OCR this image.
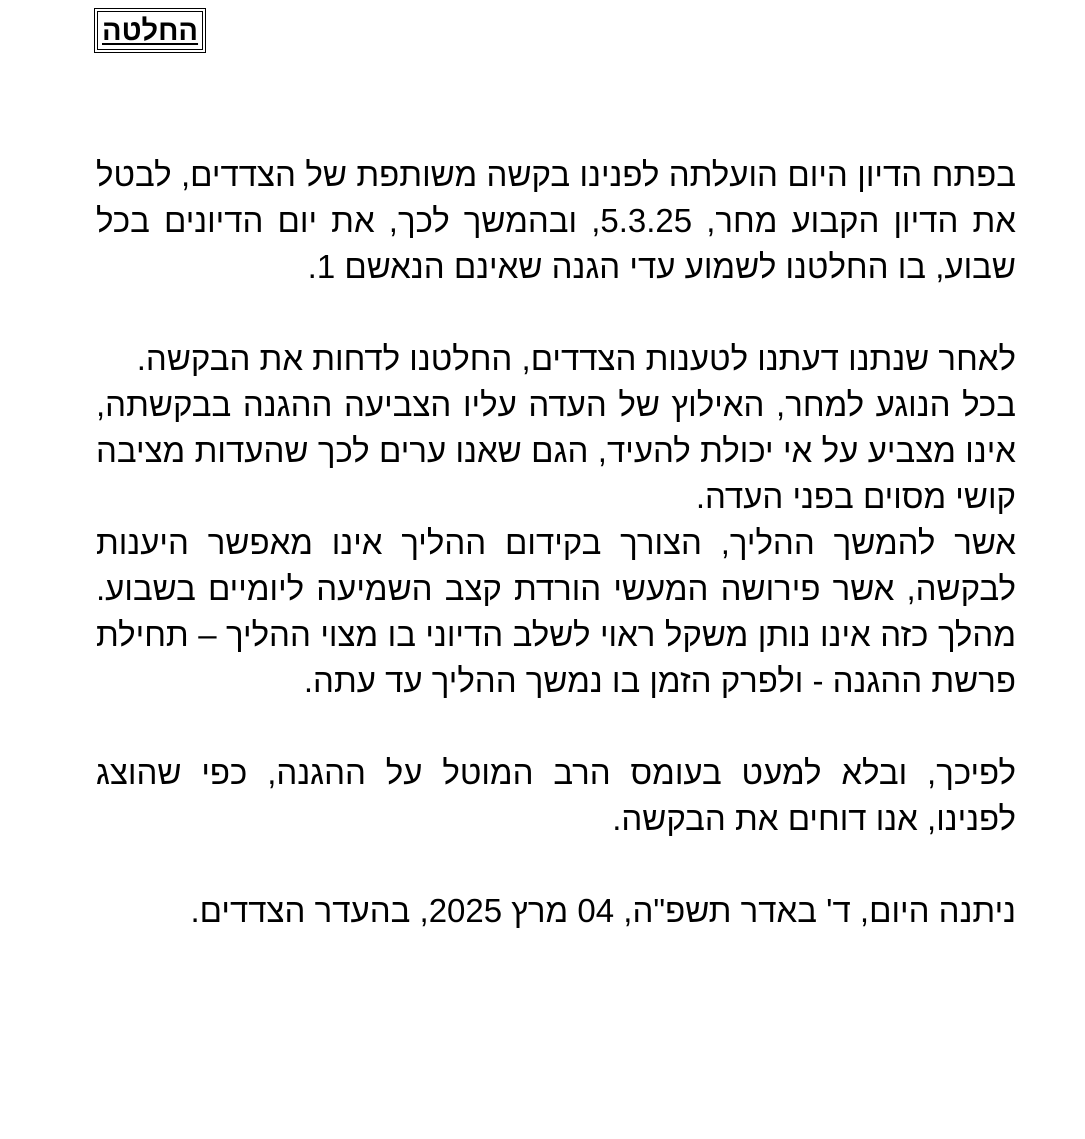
החלטה

בפתח הדיון היום הועלתה לפנינו בקשה משותפת של הצדדים, לבטל את הדיון הקבוע מחר, 5.3.25, ובהמשך לכך, את יום הדיונים בכל שבוע, בו החלטנו לשמוע עדי הגנה שאינם הנאשם 1.

לאחר שנתנו דעתנו לטענות הצדדים, החלטנו לדחות את הבקשה.

בכל הנוגע למחר, האילוץ של העדה עליו הצביעה ההגנה בבקשתה, אינו מצביע על אי יכולת להעיד, הגם שאנו ערים לכך שהעדות מציבה קושי מסוים בפני העדה.

אשר להמשך ההליך, הצורך בקידום ההליך אינו מאפשר היענות לבקשה, אשר פירושה המעשי הורדת קצב השמיעה ליומיים בשבוע. מהלך כזה אינו נותן משקל ראוי לשלב הדיוני בו מצוי ההליך – תחילת פרשת ההגנה - ולפרק הזמן בו נמשך ההליך עד עתה.

לפיכך, ובלא למעט בעומס הרב המוטל על ההגנה, כפי שהוצג לפנינו, אנו דוחים את הבקשה.

ניתנה היום, ד' באדר תשפ"ה, 04 מרץ 2025, בהעדר הצדדים.
